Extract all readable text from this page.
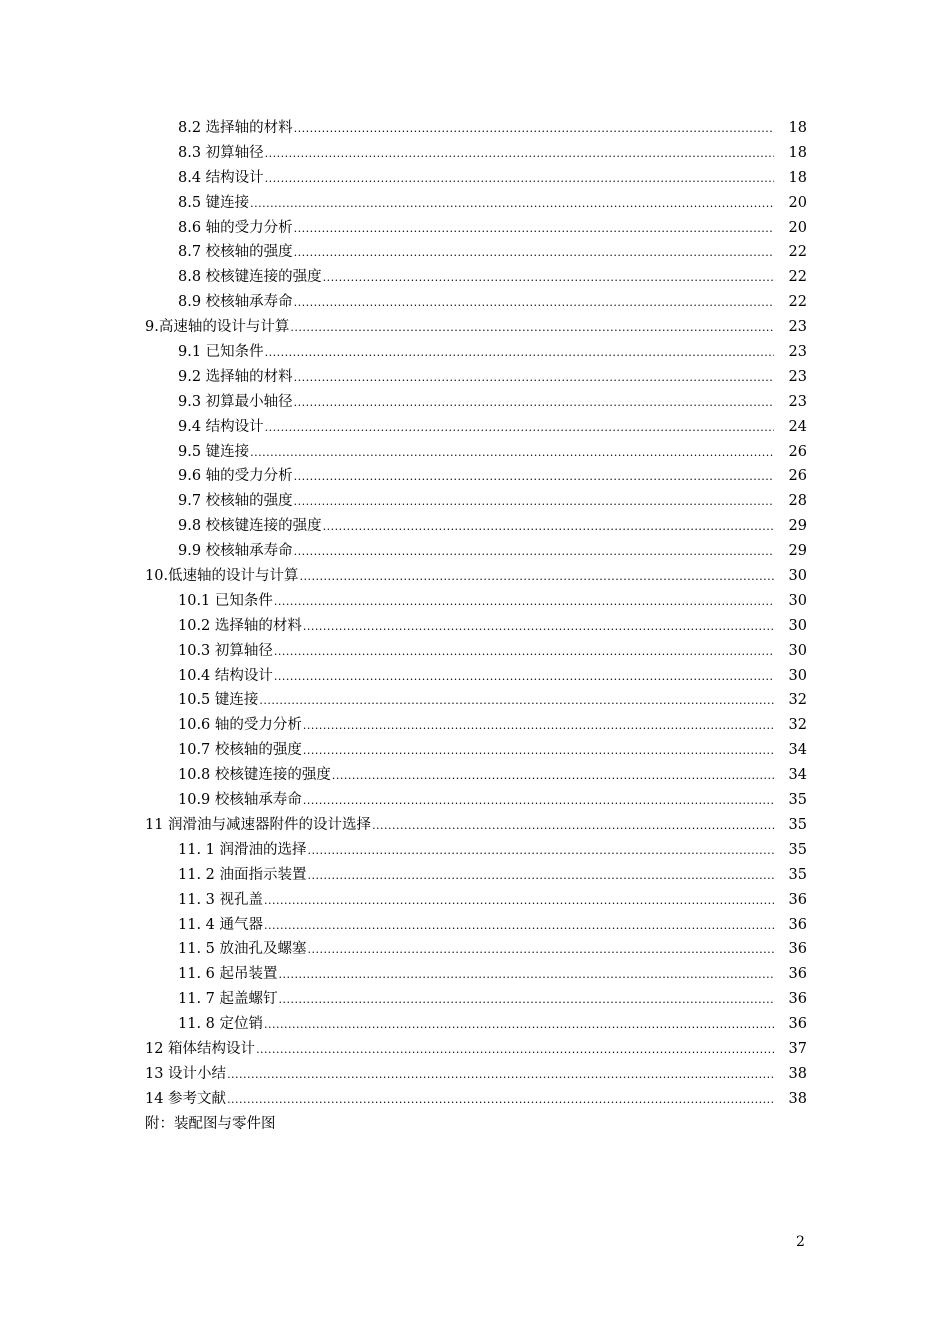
8.2 选择轴的材料 .....	18
8.3 初算轴径 .....	18
8.4 结构设计 .....	18
8.5 键连接 .....	20
8.6 轴的受力分析 .....	20
8.7 校核轴的强度 .....	22
8.8 校核键连接的强度 .....	22
8.9 校核轴承寿命 .....	22
9.高速轴的设计与计算 .....	23
9.1 已知条件 .....	23
9.2 选择轴的材料 .....	23
9.3 初算最小轴径 .....	23
9.4 结构设计 .....	24
9.5 键连接 .....	26
9.6 轴的受力分析 .....	26
9.7 校核轴的强度 .....	28
9.8 校核键连接的强度 .....	29
9.9 校核轴承寿命 .....	29
10.低速轴的设计与计算 .....	30
10.1 已知条件 .....	30
10.2 选择轴的材料 .....	30
10.3 初算轴径 .....	30
10.4 结构设计 .....	30
10.5 键连接 .....	32
10.6 轴的受力分析 .....	32
10.7 校核轴的强度 .....	34
10.8 校核键连接的强度 .....	34
10.9 校核轴承寿命 .....	35
11 润滑油与减速器附件的设计选择 .....	35
11. 1 润滑油的选择 .....	35
11. 2 油面指示装置 .....	35
11. 3 视孔盖 .....	36
11. 4 通气器 .....	36
11. 5 放油孔及螺塞 .....	36
11. 6 起吊装置 .....	36
11. 7 起盖螺钉 .....	36
11. 8 定位销 .....	36
12 箱体结构设计 .....	37
13 设计小结 .....	38
14 参考文献 .....	38
附：装配图与零件图
2
